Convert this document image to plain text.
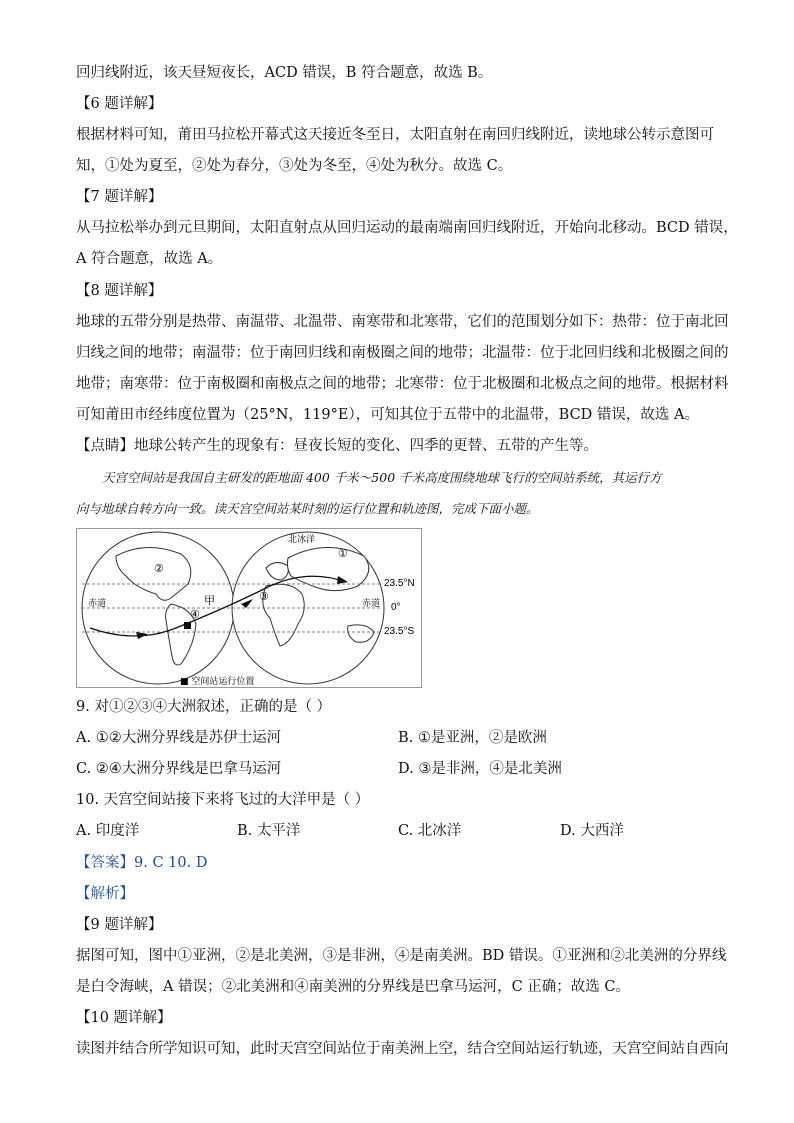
回归线附近，该天昼短夜长，ACD 错误，B 符合题意，故选 B。
【6 题详解】
根据材料可知，莆田马拉松开幕式这天接近冬至日，太阳直射在南回归线附近，读地球公转示意图可
知，①处为夏至，②处为春分，③处为冬至，④处为秋分。故选 C。
【7 题详解】
从马拉松举办到元旦期间，太阳直射点从回归运动的最南端南回归线附近，开始向北移动。BCD 错误，
A 符合题意，故选 A。
【8 题详解】
地球的五带分别是热带、南温带、北温带、南寒带和北寒带，它们的范围划分如下：热带：位于南北回
归线之间的地带；南温带：位于南回归线和南极圈之间的地带；北温带：位于北回归线和北极圈之间的
地带；南寒带：位于南极圈和南极点之间的地带；北寒带：位于北极圈和北极点之间的地带。根据材料
可知莆田市经纬度位置为（25°N，119°E），可知其位于五带中的北温带，BCD 错误，故选 A。
【点睛】地球公转产生的现象有：昼夜长短的变化、四季的更替、五带的产生等。
天宫空间站是我国自主研发的距地面 400 千米～500 千米高度围绕地球飞行的空间站系统，其运行方
向与地球自转方向一致。读天宫空间站某时刻的运行位置和轨迹图，完成下面小题。
②
④
③
①
北冰洋
甲
赤道	赤道
23.5°N
0°
23.5°S
■ 空间站运行位置
9. 对①②③④大洲叙述，正确的是（ ）
A. ①②大洲分界线是苏伊士运河	B. ①是亚洲，②是欧洲
C. ②④大洲分界线是巴拿马运河	D. ③是非洲，④是北美洲
10. 天宫空间站接下来将飞过的大洋甲是（ ）
A. 印度洋	B. 太平洋	C. 北冰洋	D. 大西洋
【答案】9. C 10. D
【解析】
【9 题详解】
据图可知，图中①亚洲，②是北美洲，③是非洲，④是南美洲。BD 错误。①亚洲和②北美洲的分界线
是白令海峡，A 错误；②北美洲和④南美洲的分界线是巴拿马运河，C 正确；故选 C。
【10 题详解】
读图并结合所学知识可知，此时天宫空间站位于南美洲上空，结合空间站运行轨迹，天宫空间站自西向
